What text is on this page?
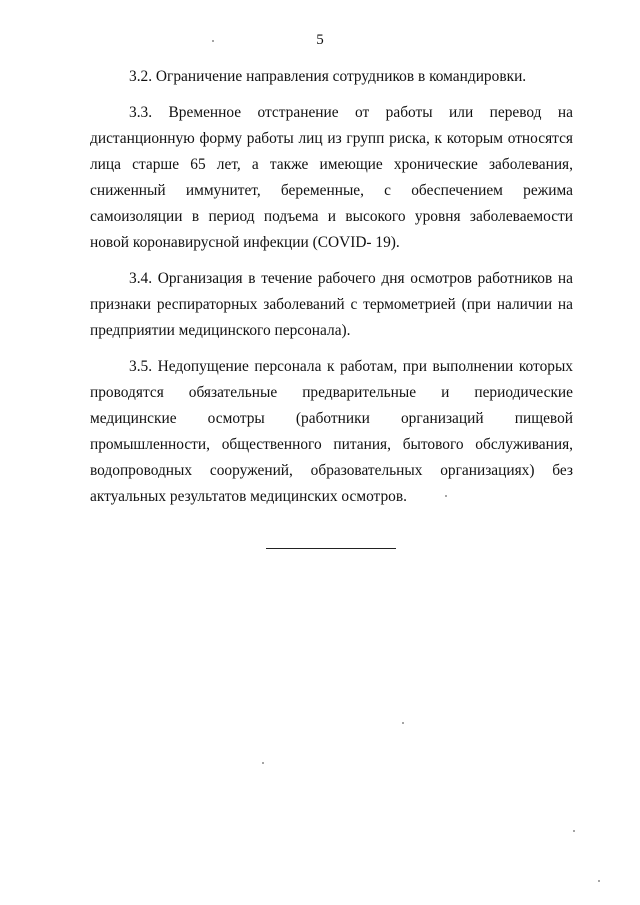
5

3.2. Ограничение направления сотрудников в командировки.

3.3. Временное отстранение от работы или перевод на дистанционную форму работы лиц из групп риска, к которым относятся лица старше 65 лет, а также имеющие хронические заболевания, сниженный иммунитет, беременные, с обеспечением режима самоизоляции в период подъема и высокого уровня заболеваемости новой коронавирусной инфекции (COVID- 19).

3.4. Организация в течение рабочего дня осмотров работников на признаки респираторных заболеваний с термометрией (при наличии на предприятии медицинского персонала).

3.5. Недопущение персонала к работам, при выполнении которых проводятся обязательные предварительные и периодические медицинские осмотры (работники организаций пищевой промышленности, общественного питания, бытового обслуживания, водопроводных сооружений, образовательных организациях) без актуальных результатов медицинских осмотров.
